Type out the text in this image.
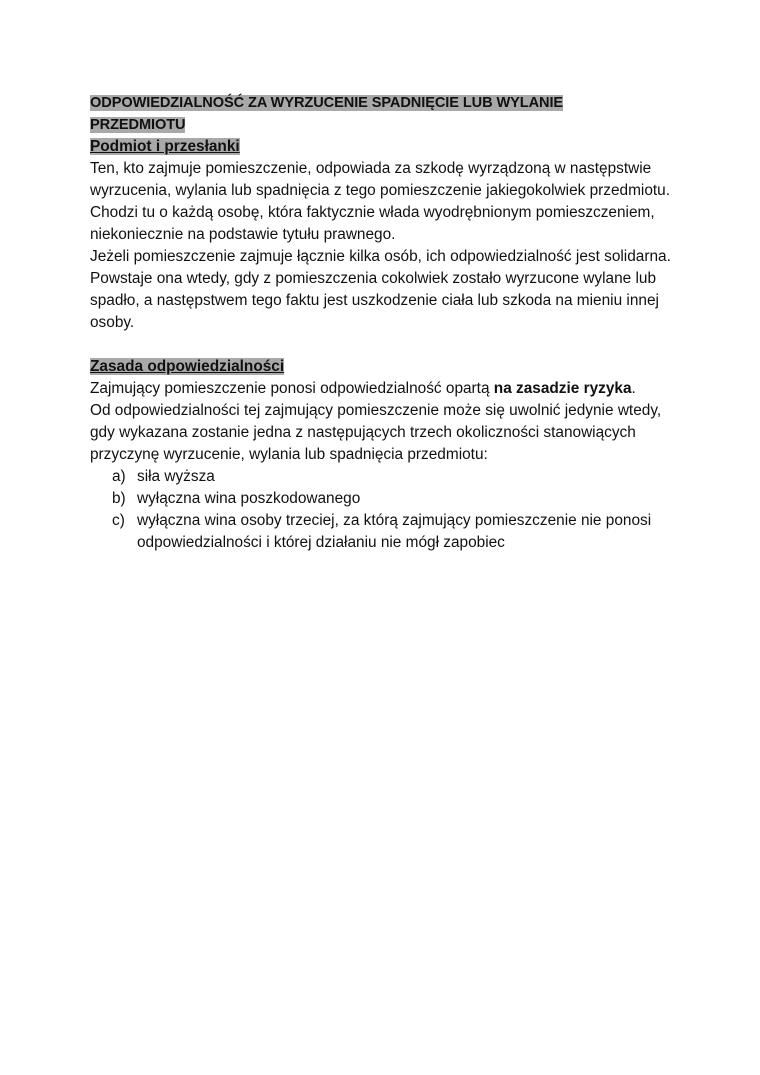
ODPOWIEDZIALNOŚĆ ZA WYRZUCENIE SPADNIĘCIE LUB WYLANIE
PRZEDMIOTU
Podmiot i przesłanki

Ten, kto zajmuje pomieszczenie, odpowiada za szkodę wyrządzoną w następstwie wyrzucenia, wylania lub spadnięcia z tego pomieszczenie jakiegokolwiek przedmiotu.

Chodzi tu o każdą osobę, która faktycznie włada wyodrębnionym pomieszczeniem, niekoniecznie na podstawie tytułu prawnego.

Jeżeli pomieszczenie zajmuje łącznie kilka osób, ich odpowiedzialność jest solidarna.

Powstaje ona wtedy, gdy z pomieszczenia cokolwiek zostało wyrzucone wylane lub spadło, a następstwem tego faktu jest uszkodzenie ciała lub szkoda na mieniu innej osoby.

Zasada odpowiedzialności

Zajmujący pomieszczenie ponosi odpowiedzialność opartą na zasadzie ryzyka.

Od odpowiedzialności tej zajmujący pomieszczenie może się uwolnić jedynie wtedy, gdy wykazana zostanie jedna z następujących trzech okoliczności stanowiących przyczynę wyrzucenie, wylania lub spadnięcia przedmiotu:

a) siła wyższa
b) wyłączna wina poszkodowanego
c) wyłączna wina osoby trzeciej, za którą zajmujący pomieszczenie nie ponosi odpowiedzialności i której działaniu nie mógł zapobiec
